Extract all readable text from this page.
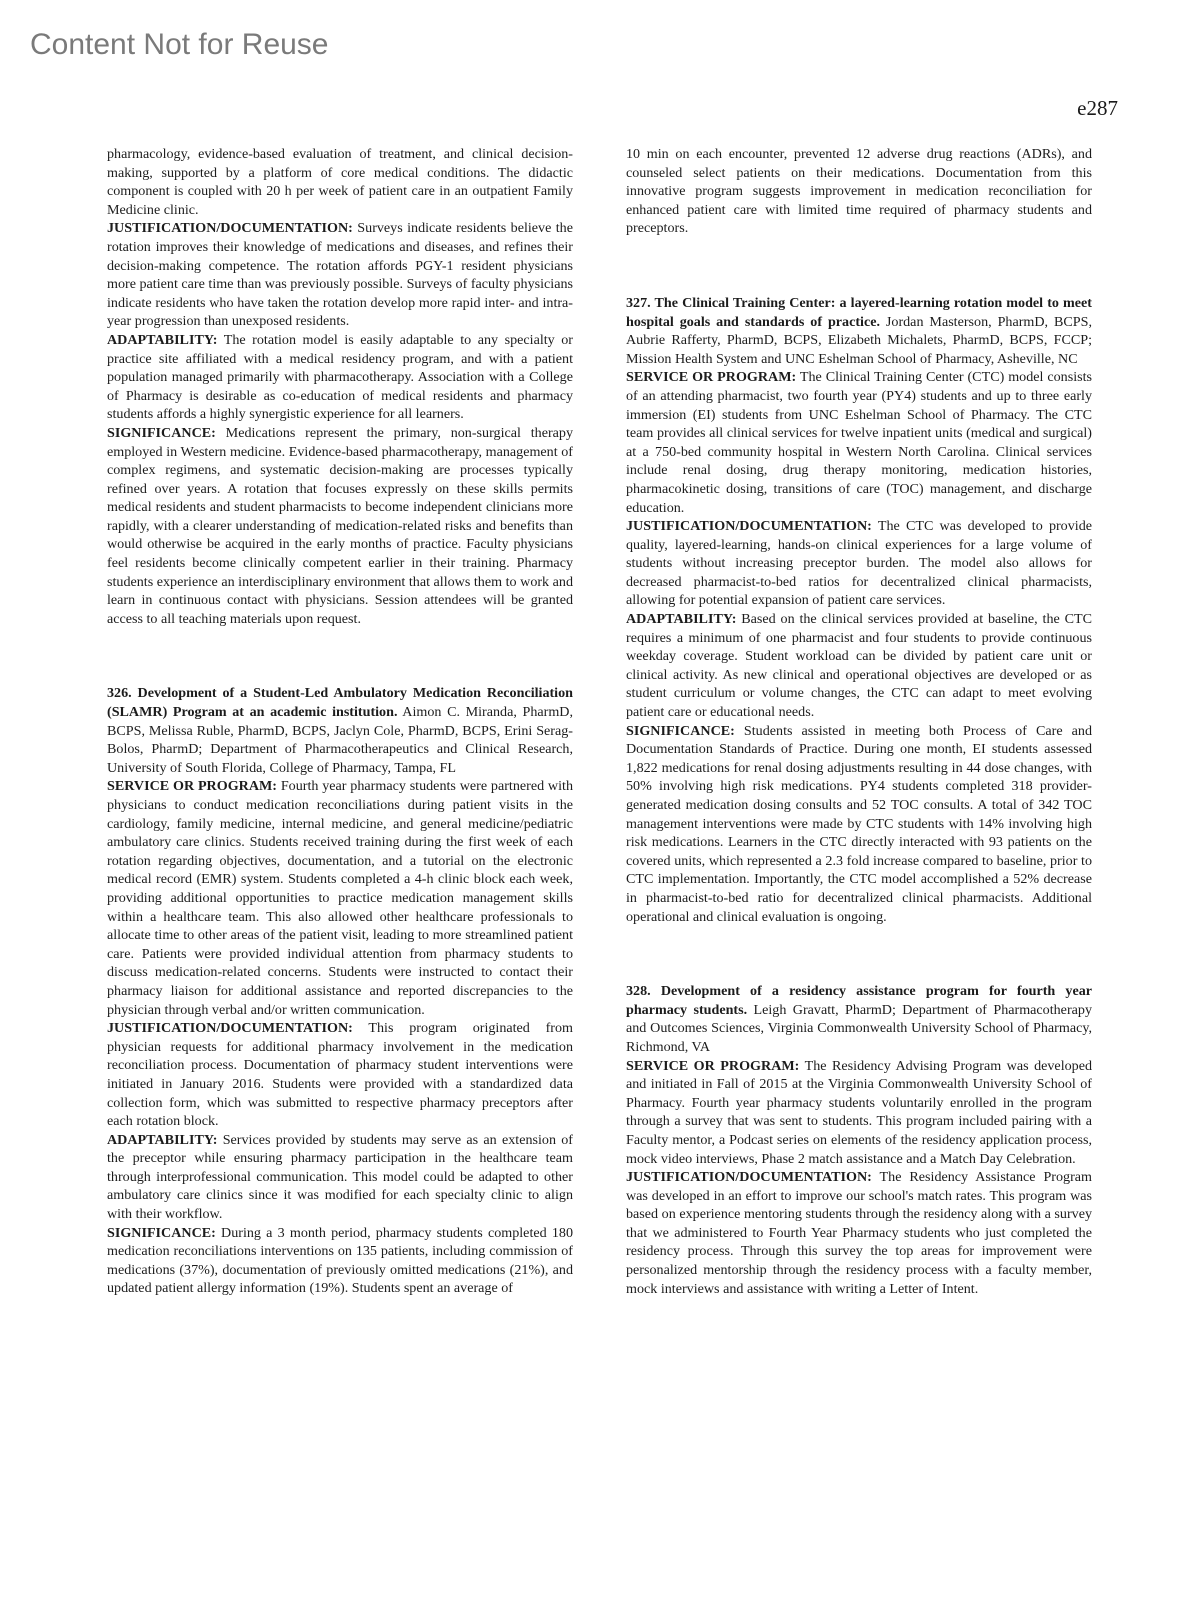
Content Not for Reuse
e287

pharmacology, evidence-based evaluation of treatment, and clinical decision-making, supported by a platform of core medical conditions. The didactic component is coupled with 20 h per week of patient care in an outpatient Family Medicine clinic.

JUSTIFICATION/DOCUMENTATION: Surveys indicate residents believe the rotation improves their knowledge of medications and diseases, and refines their decision-making competence. The rotation affords PGY-1 resident physicians more patient care time than was previously possible. Surveys of faculty physicians indicate residents who have taken the rotation develop more rapid inter- and intra-year progression than unexposed residents.

ADAPTABILITY: The rotation model is easily adaptable to any specialty or practice site affiliated with a medical residency program, and with a patient population managed primarily with pharmacotherapy. Association with a College of Pharmacy is desirable as co-education of medical residents and pharmacy students affords a highly synergistic experience for all learners.

SIGNIFICANCE: Medications represent the primary, non-surgical therapy employed in Western medicine. Evidence-based pharmacotherapy, management of complex regimens, and systematic decision-making are processes typically refined over years. A rotation that focuses expressly on these skills permits medical residents and student pharmacists to become independent clinicians more rapidly, with a clearer understanding of medication-related risks and benefits than would otherwise be acquired in the early months of practice. Faculty physicians feel residents become clinically competent earlier in their training. Pharmacy students experience an interdisciplinary environment that allows them to work and learn in continuous contact with physicians. Session attendees will be granted access to all teaching materials upon request.

326. Development of a Student-Led Ambulatory Medication Reconciliation (SLAMR) Program at an academic institution. Aimon C. Miranda, PharmD, BCPS, Melissa Ruble, PharmD, BCPS, Jaclyn Cole, PharmD, BCPS, Erini Serag-Bolos, PharmD; Department of Pharmacotherapeutics and Clinical Research, University of South Florida, College of Pharmacy, Tampa, FL

SERVICE OR PROGRAM: Fourth year pharmacy students were partnered with physicians to conduct medication reconciliations during patient visits in the cardiology, family medicine, internal medicine, and general medicine/pediatric ambulatory care clinics. Students received training during the first week of each rotation regarding objectives, documentation, and a tutorial on the electronic medical record (EMR) system. Students completed a 4-h clinic block each week, providing additional opportunities to practice medication management skills within a healthcare team. This also allowed other healthcare professionals to allocate time to other areas of the patient visit, leading to more streamlined patient care. Patients were provided individual attention from pharmacy students to discuss medication-related concerns. Students were instructed to contact their pharmacy liaison for additional assistance and reported discrepancies to the physician through verbal and/or written communication.

JUSTIFICATION/DOCUMENTATION: This program originated from physician requests for additional pharmacy involvement in the medication reconciliation process. Documentation of pharmacy student interventions were initiated in January 2016. Students were provided with a standardized data collection form, which was submitted to respective pharmacy preceptors after each rotation block.

ADAPTABILITY: Services provided by students may serve as an extension of the preceptor while ensuring pharmacy participation in the healthcare team through interprofessional communication. This model could be adapted to other ambulatory care clinics since it was modified for each specialty clinic to align with their workflow.

SIGNIFICANCE: During a 3 month period, pharmacy students completed 180 medication reconciliations interventions on 135 patients, including commission of medications (37%), documentation of previously omitted medications (21%), and updated patient allergy information (19%). Students spent an average of

10 min on each encounter, prevented 12 adverse drug reactions (ADRs), and counseled select patients on their medications. Documentation from this innovative program suggests improvement in medication reconciliation for enhanced patient care with limited time required of pharmacy students and preceptors.

327. The Clinical Training Center: a layered-learning rotation model to meet hospital goals and standards of practice. Jordan Masterson, PharmD, BCPS, Aubrie Rafferty, PharmD, BCPS, Elizabeth Michalets, PharmD, BCPS, FCCP; Mission Health System and UNC Eshelman School of Pharmacy, Asheville, NC

SERVICE OR PROGRAM: The Clinical Training Center (CTC) model consists of an attending pharmacist, two fourth year (PY4) students and up to three early immersion (EI) students from UNC Eshelman School of Pharmacy. The CTC team provides all clinical services for twelve inpatient units (medical and surgical) at a 750-bed community hospital in Western North Carolina. Clinical services include renal dosing, drug therapy monitoring, medication histories, pharmacokinetic dosing, transitions of care (TOC) management, and discharge education.

JUSTIFICATION/DOCUMENTATION: The CTC was developed to provide quality, layered-learning, hands-on clinical experiences for a large volume of students without increasing preceptor burden. The model also allows for decreased pharmacist-to-bed ratios for decentralized clinical pharmacists, allowing for potential expansion of patient care services.

ADAPTABILITY: Based on the clinical services provided at baseline, the CTC requires a minimum of one pharmacist and four students to provide continuous weekday coverage. Student workload can be divided by patient care unit or clinical activity. As new clinical and operational objectives are developed or as student curriculum or volume changes, the CTC can adapt to meet evolving patient care or educational needs.

SIGNIFICANCE: Students assisted in meeting both Process of Care and Documentation Standards of Practice. During one month, EI students assessed 1,822 medications for renal dosing adjustments resulting in 44 dose changes, with 50% involving high risk medications. PY4 students completed 318 provider-generated medication dosing consults and 52 TOC consults. A total of 342 TOC management interventions were made by CTC students with 14% involving high risk medications. Learners in the CTC directly interacted with 93 patients on the covered units, which represented a 2.3 fold increase compared to baseline, prior to CTC implementation. Importantly, the CTC model accomplished a 52% decrease in pharmacist-to-bed ratio for decentralized clinical pharmacists. Additional operational and clinical evaluation is ongoing.

328. Development of a residency assistance program for fourth year pharmacy students. Leigh Gravatt, PharmD; Department of Pharmacotherapy and Outcomes Sciences, Virginia Commonwealth University School of Pharmacy, Richmond, VA

SERVICE OR PROGRAM: The Residency Advising Program was developed and initiated in Fall of 2015 at the Virginia Commonwealth University School of Pharmacy. Fourth year pharmacy students voluntarily enrolled in the program through a survey that was sent to students. This program included pairing with a Faculty mentor, a Podcast series on elements of the residency application process, mock video interviews, Phase 2 match assistance and a Match Day Celebration.

JUSTIFICATION/DOCUMENTATION: The Residency Assistance Program was developed in an effort to improve our school's match rates. This program was based on experience mentoring students through the residency along with a survey that we administered to Fourth Year Pharmacy students who just completed the residency process. Through this survey the top areas for improvement were personalized mentorship through the residency process with a faculty member, mock interviews and assistance with writing a Letter of Intent.
